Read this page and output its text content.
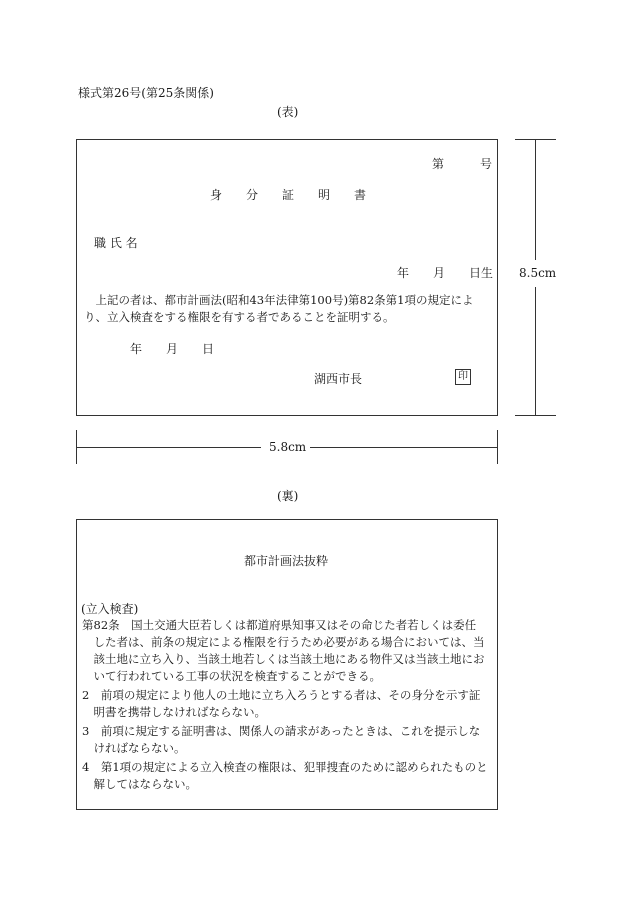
様式第26号(第25条関係)
(表)
第　　　号
身　　分　　証　　明　　書
職 氏 名
年　　月　　日生
　上記の者は、都市計画法(昭和43年法律第100号)第82条第1項の規定によ
り、立入検査をする権限を有する者であることを証明する。
年　　月　　日
湖西市長	印
8.5cm
5.8cm
(裏)
都市計画法抜粋
(立入検査)
第82条　国土交通大臣若しくは都道府県知事又はその命じた者若しくは委任
　した者は、前条の規定による権限を行うため必要がある場合においては、当
　該土地に立ち入り、当該土地若しくは当該土地にある物件又は当該土地にお
　いて行われている工事の状況を検査することができる。
2　前項の規定により他人の土地に立ち入ろうとする者は、その身分を示す証
　明書を携帯しなければならない。
3　前項に規定する証明書は、関係人の請求があったときは、これを提示しな
　ければならない。
4　第1項の規定による立入検査の権限は、犯罪捜査のために認められたものと
　解してはならない。
